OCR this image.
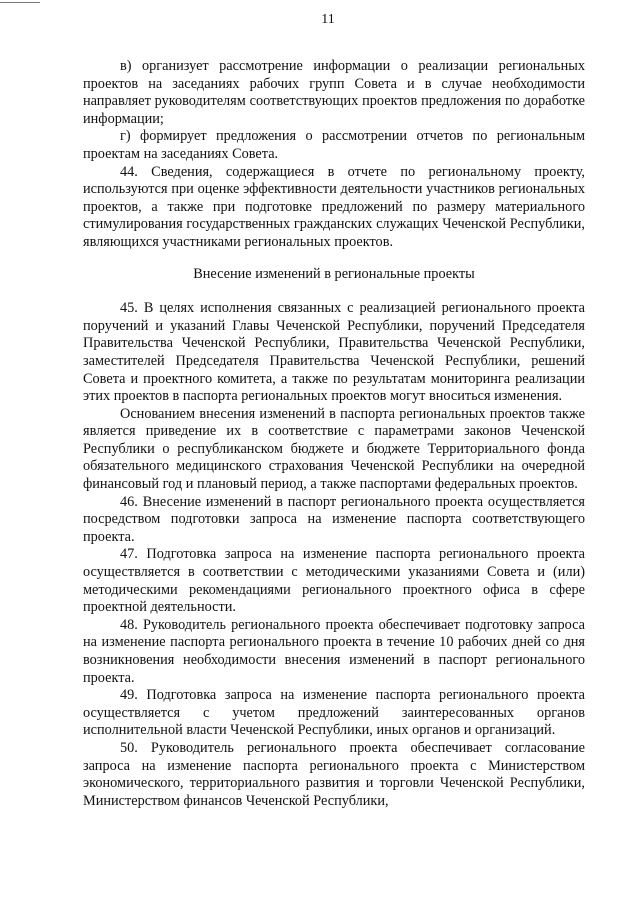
11

в) организует рассмотрение информации о реализации региональных проектов на заседаниях рабочих групп Совета и в случае необходимости направляет руководителям соответствующих проектов предложения по доработке информации;

г) формирует предложения о рассмотрении отчетов по региональным проектам на заседаниях Совета.

44. Сведения, содержащиеся в отчете по региональному проекту, используются при оценке эффективности деятельности участников региональных проектов, а также при подготовке предложений по размеру материального стимулирования государственных гражданских служащих Чеченской Республики, являющихся участниками региональных проектов.

Внесение изменений в региональные проекты

45. В целях исполнения связанных с реализацией регионального проекта поручений и указаний Главы Чеченской Республики, поручений Председателя Правительства Чеченской Республики, Правительства Чеченской Республики, заместителей Председателя Правительства Чеченской Республики, решений Совета и проектного комитета, а также по результатам мониторинга реализации этих проектов в паспорта региональных проектов могут вноситься изменения.

Основанием внесения изменений в паспорта региональных проектов также является приведение их в соответствие с параметрами законов Чеченской Республики о республиканском бюджете и бюджете Территориального фонда обязательного медицинского страхования Чеченской Республики на очередной финансовый год и плановый период, а также паспортами федеральных проектов.

46. Внесение изменений в паспорт регионального проекта осуществляется посредством подготовки запроса на изменение паспорта соответствующего проекта.

47. Подготовка запроса на изменение паспорта регионального проекта осуществляется в соответствии с методическими указаниями Совета и (или) методическими рекомендациями регионального проектного офиса в сфере проектной деятельности.

48. Руководитель регионального проекта обеспечивает подготовку запроса на изменение паспорта регионального проекта в течение 10 рабочих дней со дня возникновения необходимости внесения изменений в паспорт регионального проекта.

49. Подготовка запроса на изменение паспорта регионального проекта осуществляется с учетом предложений заинтересованных органов исполнительной власти Чеченской Республики, иных органов и организаций.

50. Руководитель регионального проекта обеспечивает согласование запроса на изменение паспорта регионального проекта с Министерством экономического, территориального развития и торговли Чеченской Республики, Министерством финансов Чеченской Республики,
